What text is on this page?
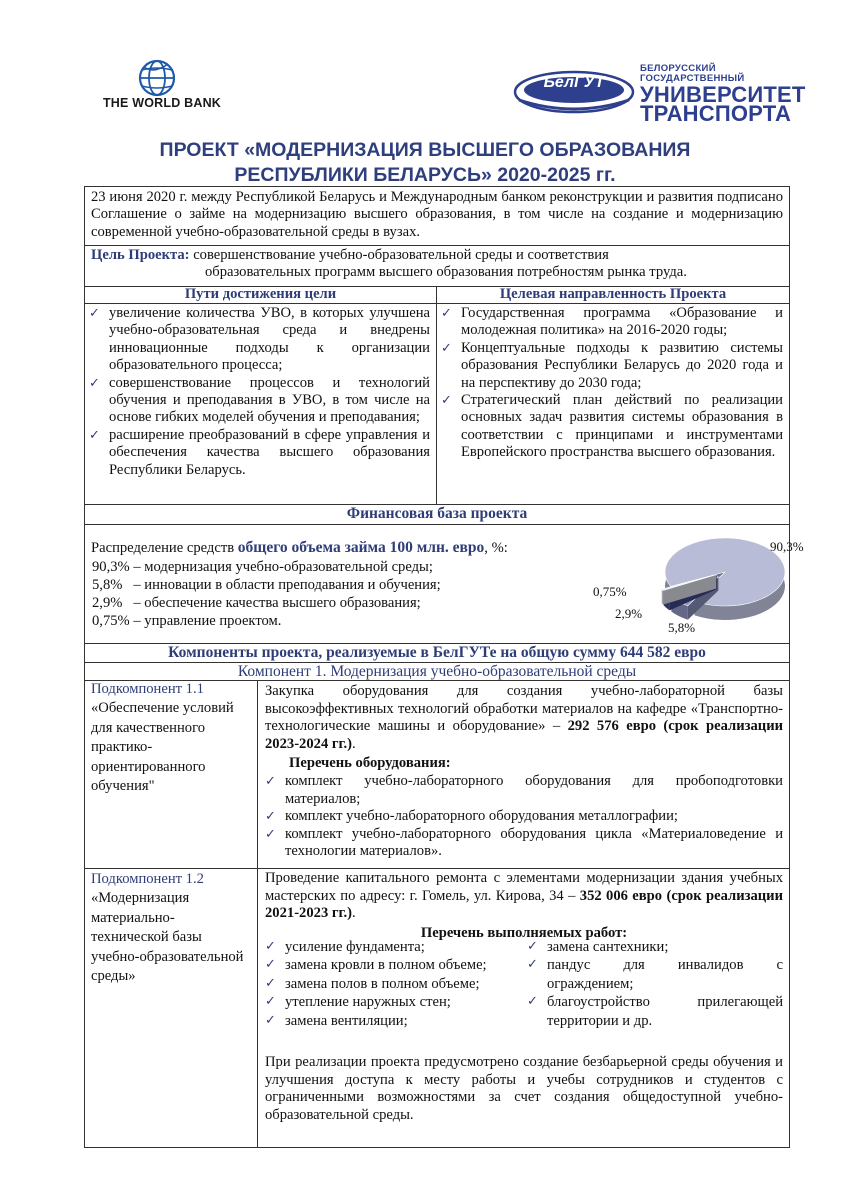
THE WORLD BANK
БелГУТ
БЕЛОРУССКИЙ
ГОСУДАРСТВЕННЫЙ
УНИВЕРСИТЕТ
ТРАНСПОРТА
ПРОЕКТ «МОДЕРНИЗАЦИЯ ВЫСШЕГО ОБРАЗОВАНИЯ
РЕСПУБЛИКИ БЕЛАРУСЬ» 2020-2025 гг.
23 июня 2020 г. между Республикой Беларусь и Международным банком реконструкции и развития подписано Соглашение о займе на модернизацию высшего образования, в том числе на создание и модернизацию современной учебно-образовательной среды в вузах.
Цель Проекта: совершенствование учебно-образовательной среды и соответствия
образовательных программ высшего образования потребностям рынка труда.
Пути достижения цели
✓ увеличение количества УВО, в которых улучшена учебно-образовательная среда и внедрены инновационные подходы к организации образовательного процесса;
✓ совершенствование процессов и технологий обучения и преподавания в УВО, в том числе на основе гибких моделей обучения и преподавания;
✓ расширение преобразований в сфере управления и обеспечения качества высшего образования Республики Беларусь.
Целевая направленность Проекта
✓ Государственная программа «Образование и молодежная политика» на 2016-2020 годы;
✓ Концептуальные подходы к развитию системы образования Республики Беларусь до 2020 года и на перспективу до 2030 года;
✓ Стратегический план действий по реализации основных задач развития системы образования в соответствии с принципами и инструментами Европейского пространства высшего образования.
Финансовая база проекта
Распределение средств общего объема займа 100 млн. евро, %:
90,3% – модернизация учебно-образовательной среды;
5,8%   – инновации в области преподавания и обучения;
2,9%   – обеспечение качества высшего образования;
0,75% – управление проектом.
90,3%
5,8%
2,9%
0,75%
Компоненты проекта, реализуемые в БелГУТе на общую сумму 644 582 евро
Компонент 1. Модернизация учебно-образовательной среды
Подкомпонент 1.1
«Обеспечение условий для качественного практико-ориентированного обучения"
Закупка оборудования для создания учебно-лабораторной базы высокоэффективных технологий обработки материалов на кафедре «Транспортно-технологические машины и оборудование» – 292 576 евро (срок реализации 2023-2024 гг.).
Перечень оборудования:
✓ комплект учебно-лабораторного оборудования для пробоподготовки материалов;
✓ комплект учебно-лабораторного оборудования металлографии;
✓ комплект учебно-лабораторного оборудования цикла «Материаловедение и технологии материалов».
Подкомпонент 1.2
«Модернизация материально-технической базы учебно-образовательной среды»
Проведение капитального ремонта с элементами модернизации здания учебных мастерских по адресу: г. Гомель, ул. Кирова, 34 – 352 006 евро (срок реализации 2021-2023 гг.).
Перечень выполняемых работ:
✓ усиление фундамента;
✓ замена кровли в полном объеме;
✓ замена полов в полном объеме;
✓ утепление наружных стен;
✓ замена вентиляции;
✓ замена сантехники;
✓ пандус для инвалидов с ограждением;
✓ благоустройство прилегающей территории и др.
При реализации проекта предусмотрено создание безбарьерной среды обучения и улучшения доступа к месту работы и учебы сотрудников и студентов с ограниченными возможностями за счет создания общедоступной учебно-образовательной среды.
